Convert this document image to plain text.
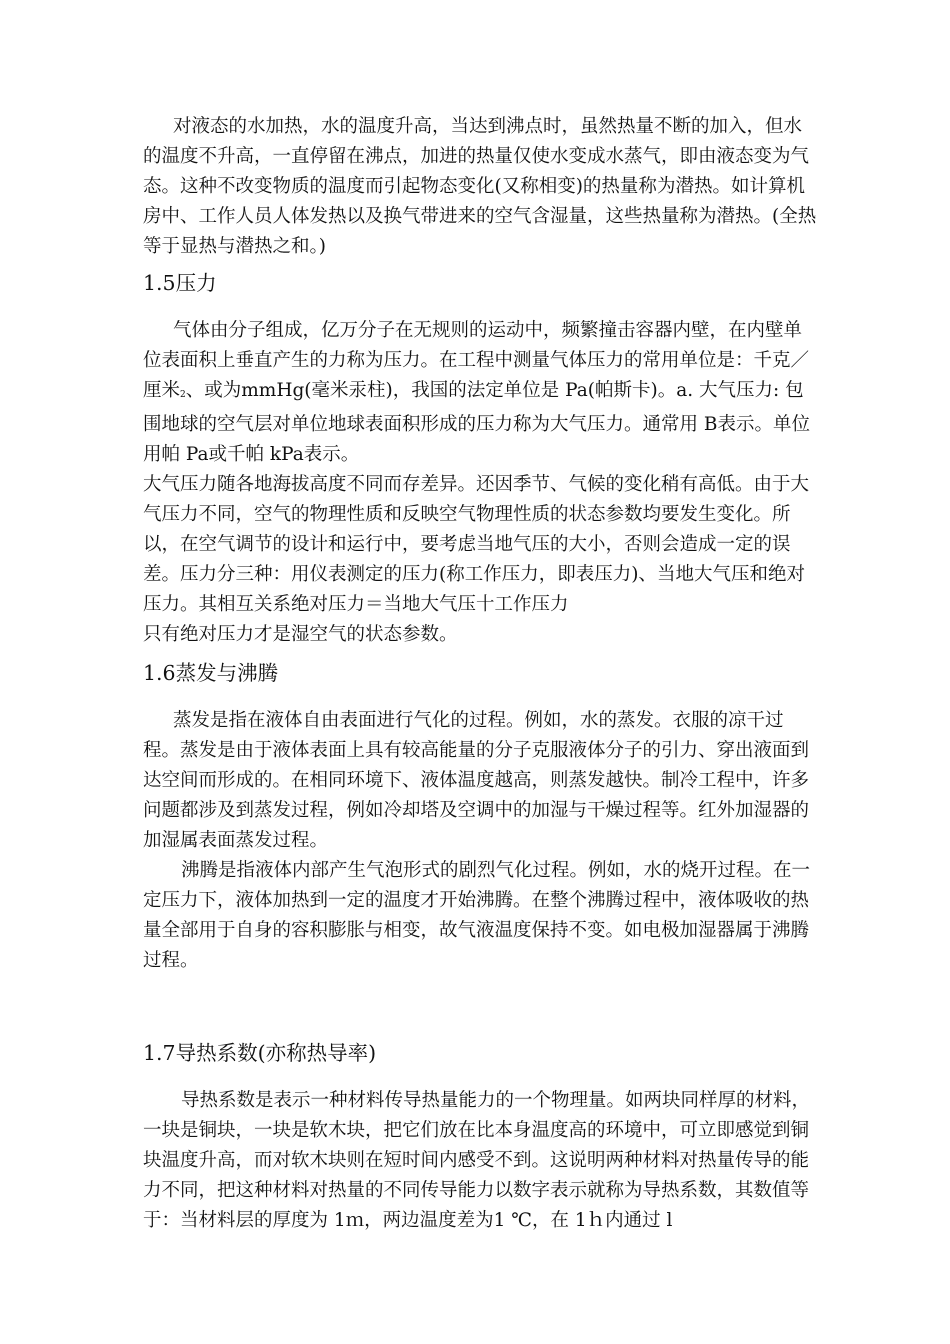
对液态的水加热，水的温度升高，当达到沸点时，虽然热量不断的加入，但水的温度不升高，一直停留在沸点，加进的热量仅使水变成水蒸气，即由液态变为气态。这种不改变物质的温度而引起物态变化(又称相变)的热量称为潜热。如计算机房中、工作人员人体发热以及换气带进来的空气含湿量，这些热量称为潜热。(全热等于显热与潜热之和。)

1.5压力

气体由分子组成，亿万分子在无规则的运动中，频繁撞击容器内壁，在内壁单位表面积上垂直产生的力称为压力。在工程中测量气体压力的常用单位是：千克／厘米2、或为mmHg(毫米汞柱)，我国的法定单位是 Pa(帕斯卡)。a. 大气压力: 包围地球的空气层对单位地球表面积形成的压力称为大气压力。通常用 B表示。单位用帕 Pa或千帕 kPa表示。

大气压力随各地海拔高度不同而存差异。还因季节、气候的变化稍有高低。由于大气压力不同，空气的物理性质和反映空气物理性质的状态参数均要发生变化。所以，在空气调节的设计和运行中，要考虑当地气压的大小，否则会造成一定的误差。压力分三种：用仪表测定的压力(称工作压力，即表压力)、当地大气压和绝对压力。其相互关系绝对压力＝当地大气压十工作压力

只有绝对压力才是湿空气的状态参数。

1.6蒸发与沸腾

蒸发是指在液体自由表面进行气化的过程。例如，水的蒸发。衣服的凉干过程。蒸发是由于液体表面上具有较高能量的分子克服液体分子的引力、穿出液面到达空间而形成的。在相同环境下、液体温度越高，则蒸发越快。制冷工程中，许多问题都涉及到蒸发过程，例如冷却塔及空调中的加湿与干燥过程等。红外加湿器的加湿属表面蒸发过程。

沸腾是指液体内部产生气泡形式的剧烈气化过程。例如，水的烧开过程。在一定压力下，液体加热到一定的温度才开始沸腾。在整个沸腾过程中，液体吸收的热量全部用于自身的容积膨胀与相变，故气液温度保持不变。如电极加湿器属于沸腾过程。

1.7导热系数(亦称热导率)

导热系数是表示一种材料传导热量能力的一个物理量。如两块同样厚的材料，一块是铜块，一块是软木块，把它们放在比本身温度高的环境中，可立即感觉到铜块温度升高，而对软木块则在短时间内感受不到。这说明两种材料对热量传导的能力不同，把这种材料对热量的不同传导能力以数字表示就称为导热系数，其数值等于：当材料层的厚度为 1ｍ，两边温度差为1 ℃，在 1ｈ内通过 l
